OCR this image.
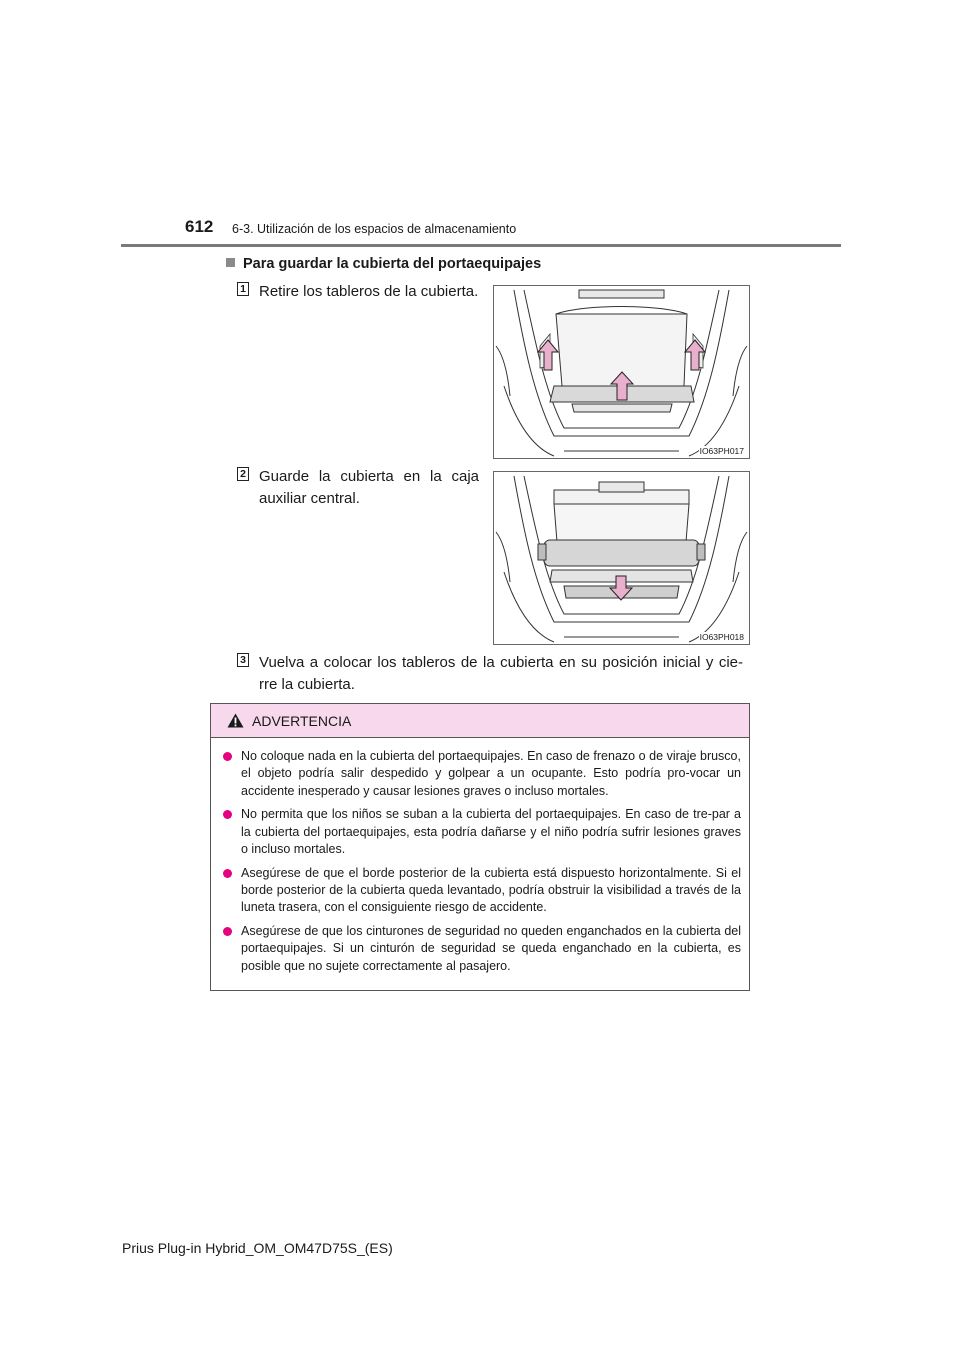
612 6-3. Utilización de los espacios de almacenamiento
Para guardar la cubierta del portaequipajes
1 Retire los tableros de la cubierta.
IO63PH017
2 Guarde la cubierta en la caja auxiliar central.
IO63PH018
3 Vuelva a colocar los tableros de la cubierta en su posición inicial y cie-rre la cubierta.
ADVERTENCIA
No coloque nada en la cubierta del portaequipajes. En caso de frenazo o de viraje brusco, el objeto podría salir despedido y golpear a un ocupante. Esto podría pro-vocar un accidente inesperado y causar lesiones graves o incluso mortales.
No permita que los niños se suban a la cubierta del portaequipajes. En caso de tre-par a la cubierta del portaequipajes, esta podría dañarse y el niño podría sufrir lesiones graves o incluso mortales.
Asegúrese de que el borde posterior de la cubierta está dispuesto horizontalmente. Si el borde posterior de la cubierta queda levantado, podría obstruir la visibilidad a través de la luneta trasera, con el consiguiente riesgo de accidente.
Asegúrese de que los cinturones de seguridad no queden enganchados en la cubierta del portaequipajes. Si un cinturón de seguridad se queda enganchado en la cubierta, es posible que no sujete correctamente al pasajero.
Prius Plug-in Hybrid_OM_OM47D75S_(ES)
